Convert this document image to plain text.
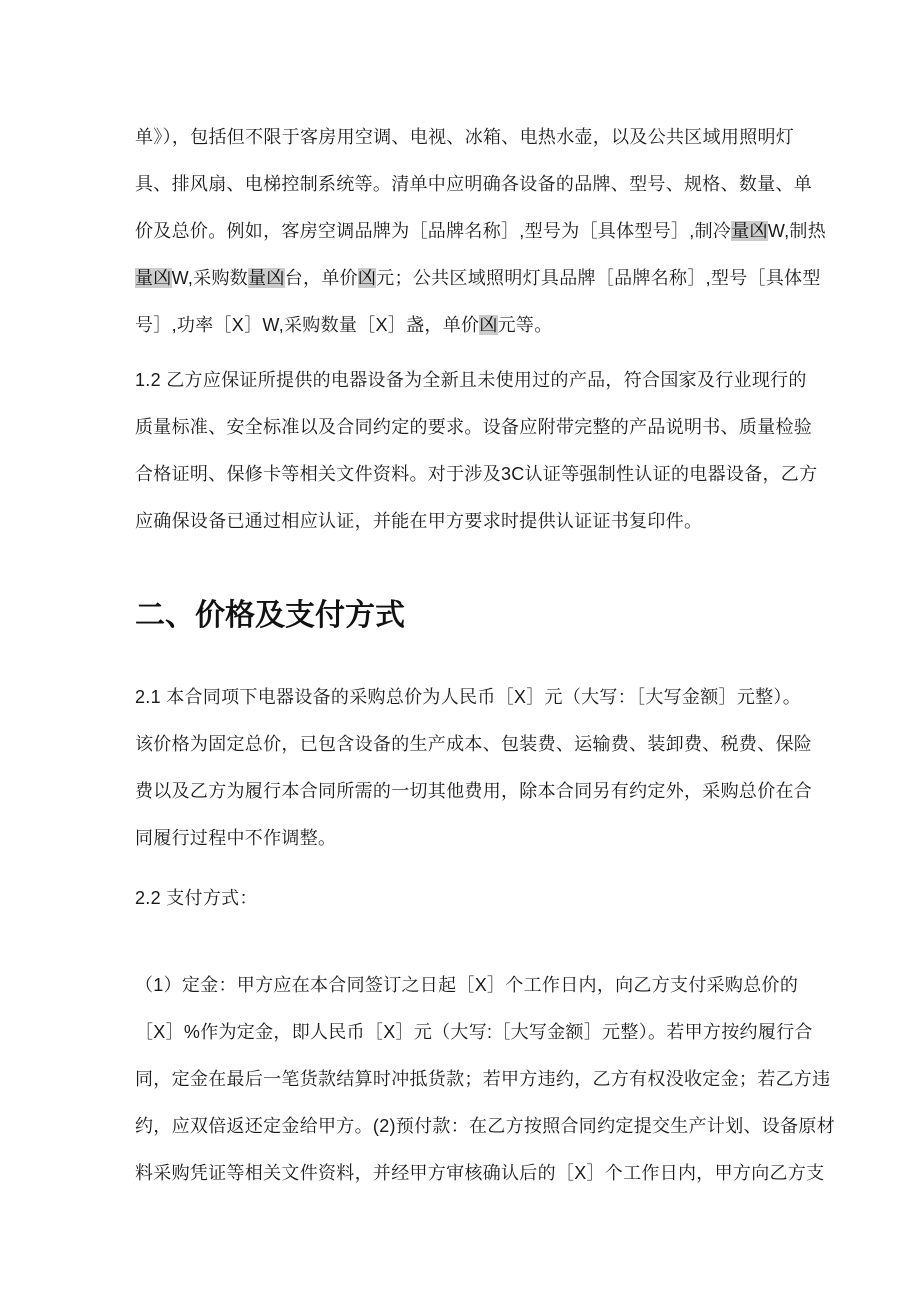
单》），包括但不限于客房用空调、电视、冰箱、电热水壶，以及公共区域用照明灯
具、排风扇、电梯控制系统等。清单中应明确各设备的品牌、型号、规格、数量、单
价及总价。例如，客房空调品牌为［品牌名称］,型号为［具体型号］,制冷量凶W,制热
量凶W,采购数量凶台，单价凶元；公共区域照明灯具品牌［品牌名称］,型号［具体型
号］,功率［X］W,采购数量［X］盏，单价凶元等。
1.2 乙方应保证所提供的电器设备为全新且未使用过的产品，符合国家及行业现行的
质量标准、安全标准以及合同约定的要求。设备应附带完整的产品说明书、质量检验
合格证明、保修卡等相关文件资料。对于涉及3C认证等强制性认证的电器设备，乙方
应确保设备已通过相应认证，并能在甲方要求时提供认证证书复印件。
二、价格及支付方式
2.1 本合同项下电器设备的采购总价为人民币［X］元（大写：［大写金额］元整）。
该价格为固定总价，已包含设备的生产成本、包装费、运输费、装卸费、税费、保险
费以及乙方为履行本合同所需的一切其他费用，除本合同另有约定外，采购总价在合
同履行过程中不作调整。
2.2 支付方式：
（1）定金：甲方应在本合同签订之日起［X］个工作日内，向乙方支付采购总价的
［X］%作为定金，即人民币［X］元（大写:［大写金额］元整）。若甲方按约履行合
同，定金在最后一笔货款结算时冲抵货款；若甲方违约，乙方有权没收定金；若乙方违
约，应双倍返还定金给甲方。(2)预付款：在乙方按照合同约定提交生产计划、设备原材
料采购凭证等相关文件资料，并经甲方审核确认后的［X］个工作日内，甲方向乙方支
